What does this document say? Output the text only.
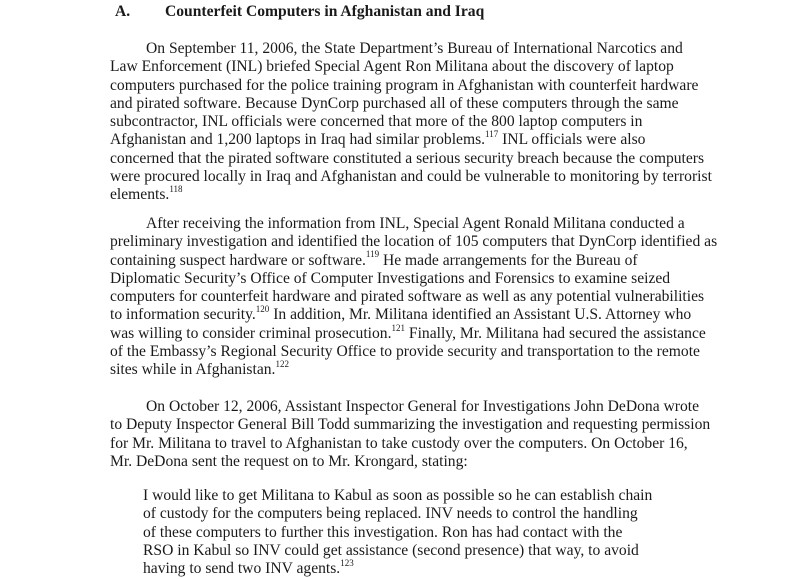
A. Counterfeit Computers in Afghanistan and Iraq
On September 11, 2006, the State Department’s Bureau of International Narcotics and
Law Enforcement (INL) briefed Special Agent Ron Militana about the discovery of laptop
computers purchased for the police training program in Afghanistan with counterfeit hardware
and pirated software. Because DynCorp purchased all of these computers through the same
subcontractor, INL officials were concerned that more of the 800 laptop computers in
Afghanistan and 1,200 laptops in Iraq had similar problems.$^{117}$ INL officials were also
concerned that the pirated software constituted a serious security breach because the computers
were procured locally in Iraq and Afghanistan and could be vulnerable to monitoring by terrorist
elements.$^{118}$
After receiving the information from INL, Special Agent Ronald Militana conducted a
preliminary investigation and identified the location of 105 computers that DynCorp identified as
containing suspect hardware or software.$^{119}$ He made arrangements for the Bureau of
Diplomatic Security’s Office of Computer Investigations and Forensics to examine seized
computers for counterfeit hardware and pirated software as well as any potential vulnerabilities
to information security.$^{120}$ In addition, Mr. Militana identified an Assistant U.S. Attorney who
was willing to consider criminal prosecution.$^{121}$ Finally, Mr. Militana had secured the assistance
of the Embassy’s Regional Security Office to provide security and transportation to the remote
sites while in Afghanistan.$^{122}$
On October 12, 2006, Assistant Inspector General for Investigations John DeDona wrote
to Deputy Inspector General Bill Todd summarizing the investigation and requesting permission
for Mr. Militana to travel to Afghanistan to take custody over the computers. On October 16,
Mr. DeDona sent the request on to Mr. Krongard, stating:
I would like to get Militana to Kabul as soon as possible so he can establish chain
of custody for the computers being replaced. INV needs to control the handling
of these computers to further this investigation. Ron has had contact with the
RSO in Kabul so INV could get assistance (second presence) that way, to avoid
having to send two INV agents.$^{123}$
